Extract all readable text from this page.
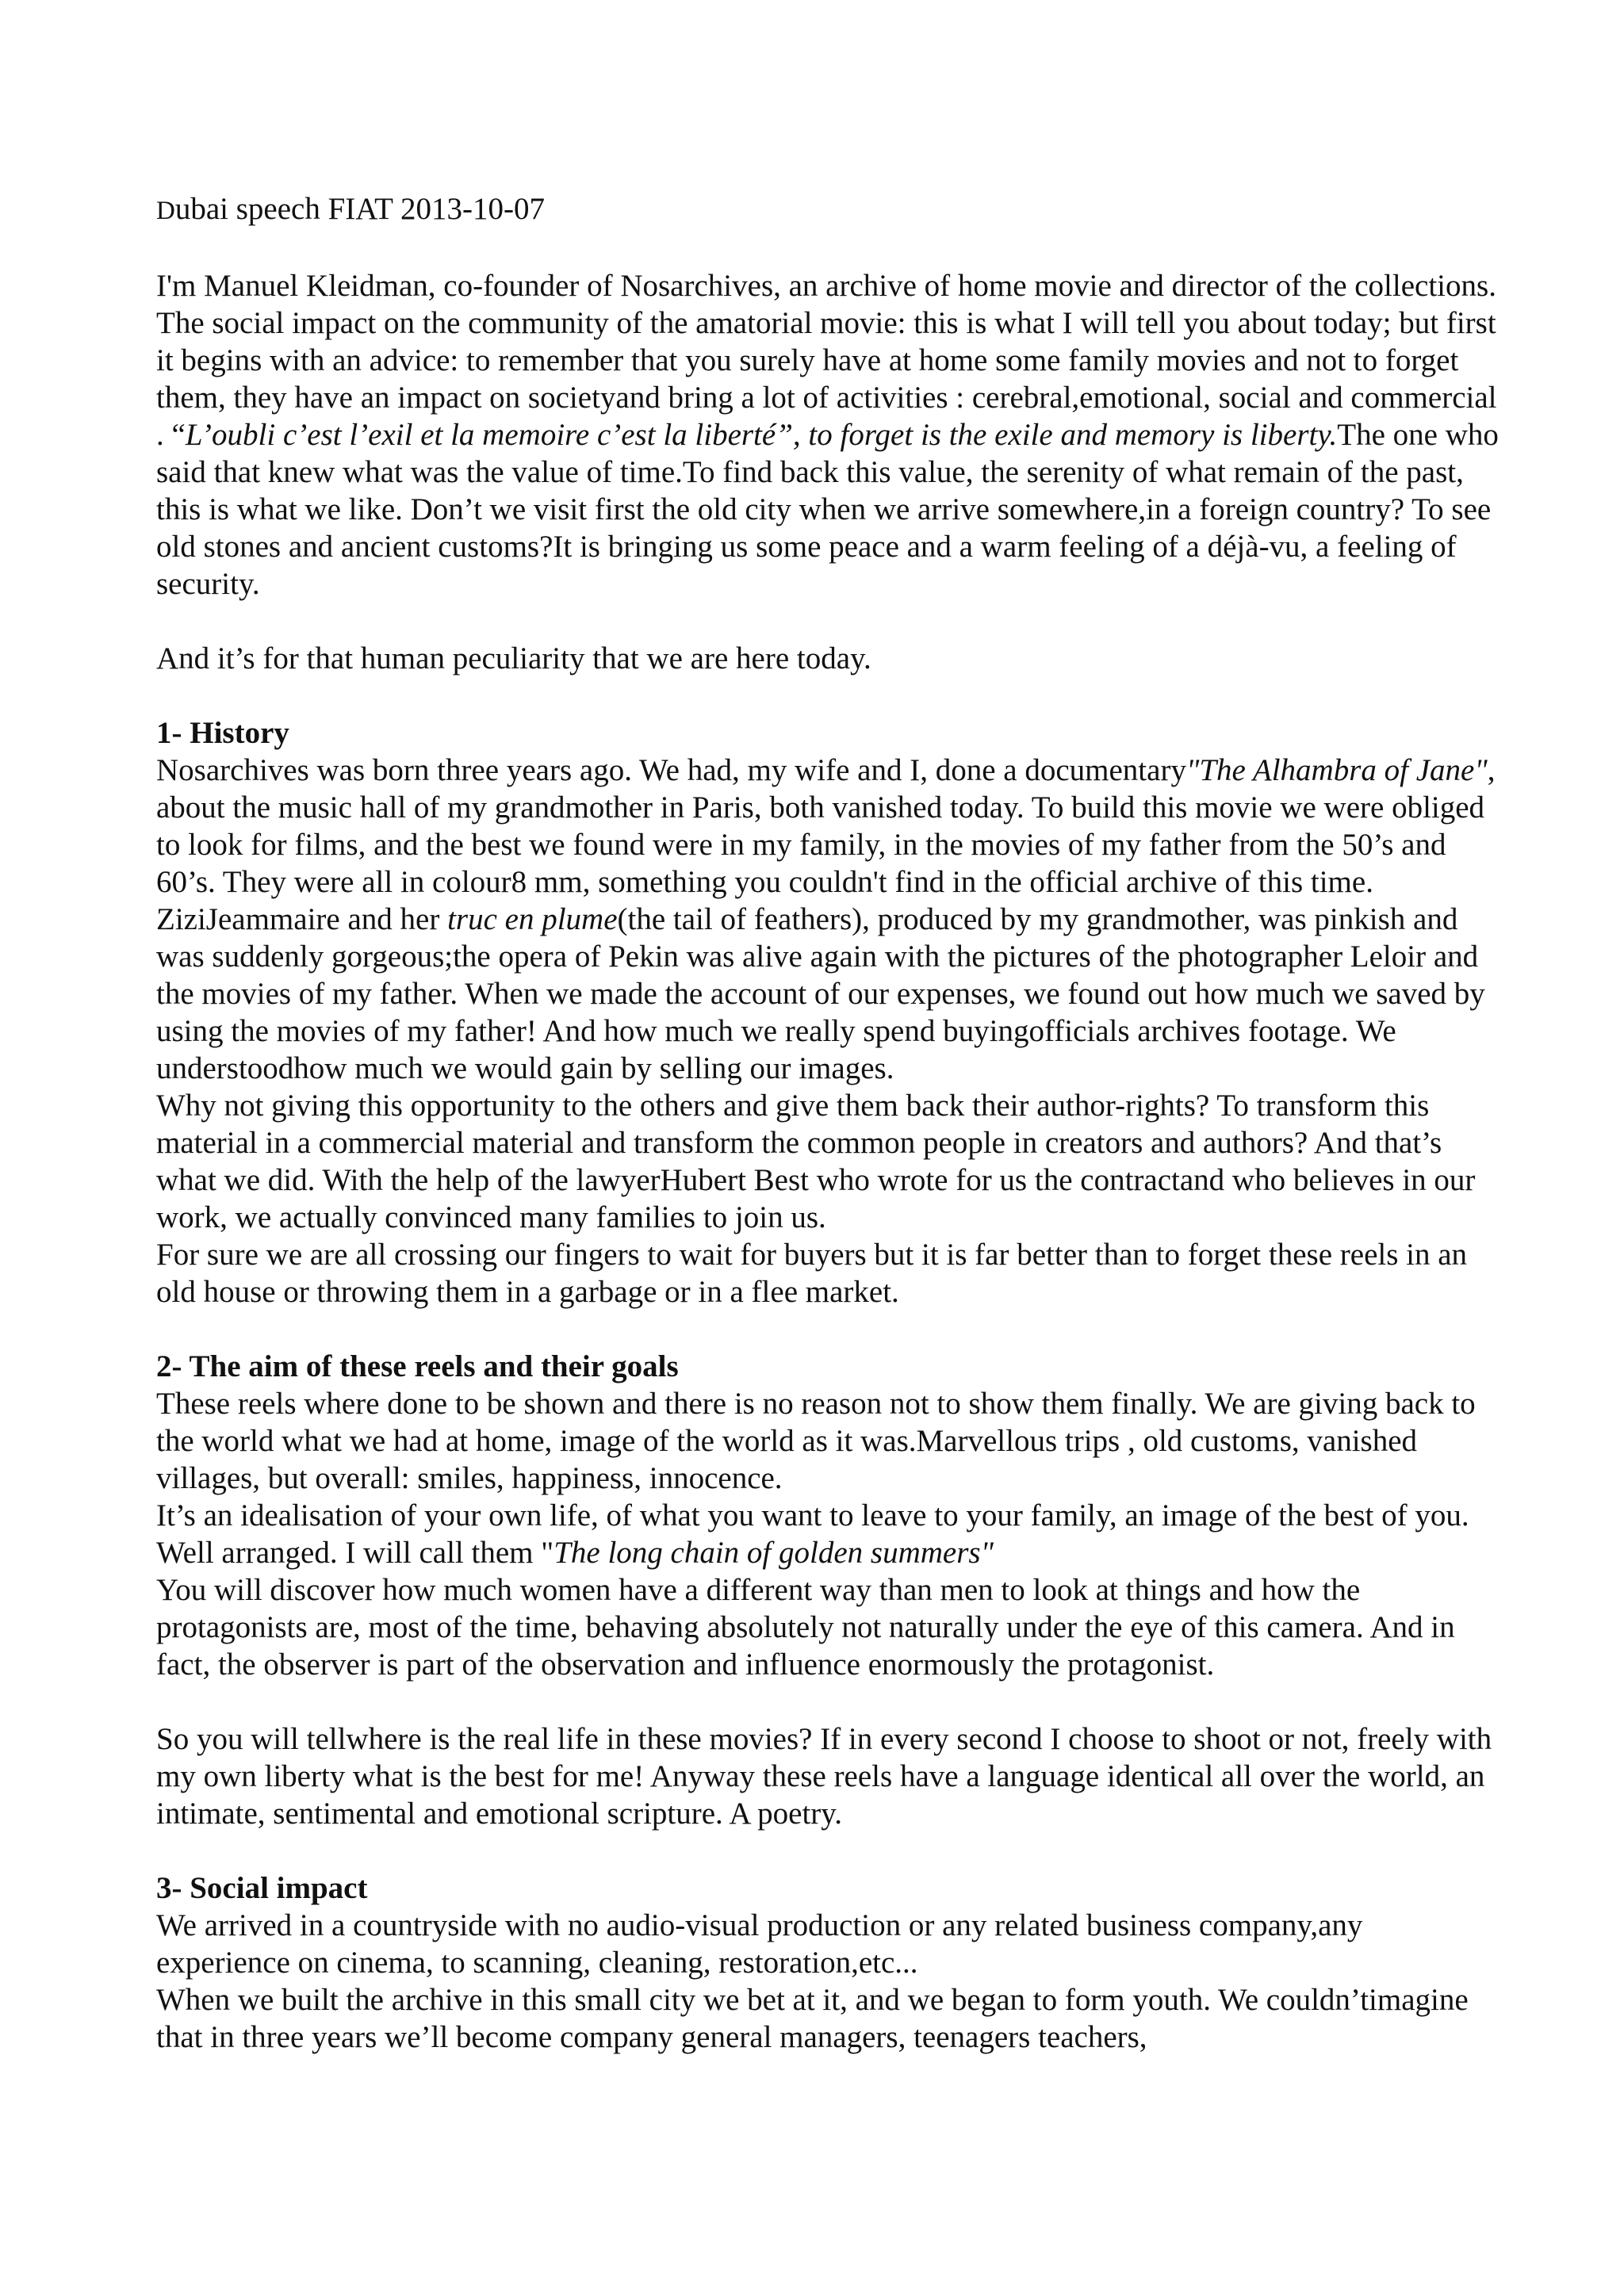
Dubai speech FIAT 2013-10-07

I'm Manuel Kleidman, co-founder of Nosarchives, an archive of home movie and director of the collections. The social impact on the community of the amatorial movie: this is what I will tell you about today; but first it begins with an advice: to remember that you surely have at home some family movies and not to forget them, they have an impact on societyand bring a lot of activities : cerebral,emotional, social and commercial . “L’oubli c’est l’exil et la memoire c’est la liberté”, to forget is the exile and memory is liberty.The one who said that knew what was the value of time.To find back this value, the serenity of what remain of the past, this is what we like. Don’t we visit first the old city when we arrive somewhere,in a foreign country? To see old stones and ancient customs?It is bringing us some peace and a warm feeling of a déjà-vu, a feeling of security.

And it’s for that human peculiarity that we are here today.

1- History

Nosarchives was born three years ago. We had, my wife and I, done a documentary"The Alhambra of Jane", about the music hall of my grandmother in Paris, both vanished today. To build this movie we were obliged to look for films, and the best we found were in my family, in the movies of my father from the 50’s and 60’s. They were all in colour8 mm, something you couldn't find in the official archive of this time. ZiziJeammaire and her truc en plume(the tail of feathers), produced by my grandmother, was pinkish and was suddenly gorgeous;the opera of Pekin was alive again with the pictures of the photographer Leloir and the movies of my father. When we made the account of our expenses, we found out how much we saved by using the movies of my father! And how much we really spend buyingofficials archives footage. We understoodhow much we would gain by selling our images.

Why not giving this opportunity to the others and give them back their author-rights? To transform this material in a commercial material and transform the common people in creators and authors? And that’s what we did. With the help of the lawyerHubert Best who wrote for us the contractand who believes in our work, we actually convinced many families to join us.

For sure we are all crossing our fingers to wait for buyers but it is far better than to forget these reels in an old house or throwing them in a garbage or in a flee market.

2- The aim of these reels and their goals

These reels where done to be shown and there is no reason not to show them finally. We are giving back to the world what we had at home, image of the world as it was.Marvellous trips , old customs, vanished villages, but overall: smiles, happiness, innocence.

It’s an idealisation of your own life, of what you want to leave to your family, an image of the best of you. Well arranged. I will call them "The long chain of golden summers"

You will discover how much women have a different way than men to look at things and how the protagonists are, most of the time, behaving absolutely not naturally under the eye of this camera. And in fact, the observer is part of the observation and influence enormously the protagonist.

So you will tellwhere is the real life in these movies? If in every second I choose to shoot or not, freely with my own liberty what is the best for me! Anyway these reels have a language identical all over the world, an intimate, sentimental and emotional scripture. A poetry.

3- Social impact

We arrived in a countryside with no audio-visual production or any related business company,any experience on cinema, to scanning, cleaning, restoration,etc...

When we built the archive in this small city we bet at it, and we began to form youth. We couldn’timagine that in three years we’ll become company general managers, teenagers teachers,
